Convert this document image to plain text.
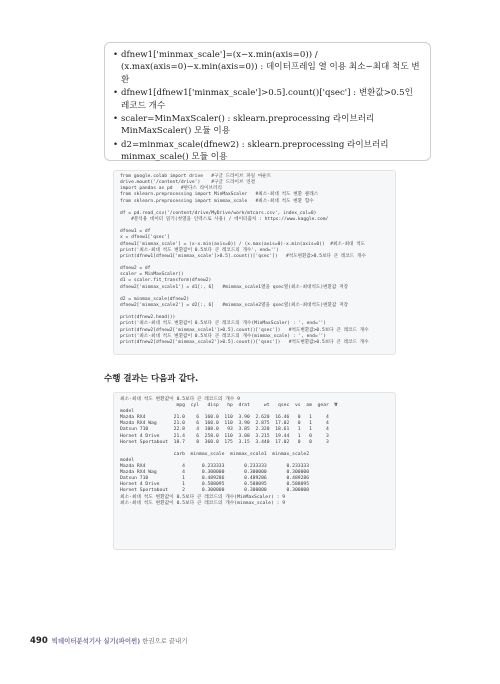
• dfnew1['minmax_scale']=(x−x.min(axis=0)) / (x.max(axis=0)−x.min(axis=0)) : 데이터프레임 열 이용 최소−최대 척도 변환
• dfnew1[dfnew1['minmax_scale']>0.5].count()['qsec'] : 변환값>0.5인 레코드 개수
• scaler=MinMaxScaler() : sklearn.preprocessing 라이브러리 MinMaxScaler() 모듈 이용
• d2=minmax_scale(dfnew2) : sklearn.preprocessing 라이브러리 minmax_scale() 모듈 이용
from google.colab import drive   #구글 드라이브 파일 마운트
drive.mount('/content/drive')    #구글 드라이브 연결
import pandas as pd   #판다스 라이브러리
from sklearn.preprocessing import MinMaxScaler   #최소-최대 척도 변환 클래스
from sklearn.preprocessing import minmax_scale   #최소-최대 척도 변환 함수
df = pd.read_csv('/content/drive/MyDrive/work/mtcars.csv', index_col=0)
#분석용 데이터 읽기(첫열을 인덱스로 사용) / 데이터출처 : https://www.kaggle.com/
dfnew1 = df
x = dfnew1['qsec']
dfnew1['minmax_scale'] = (x-x.min(axis=0)) / (x.max(axis=0)-x.min(axis=0))  #최소-최대 척도
print('최소-최대 척도 변환값이 0.5보다 큰 레코드의 개수', end='')
print(dfnew1[dfnew1['minmax_scale']>0.5].count()['qsec'])   #척도변환값>0.5보다 큰 레코드 개수
dfnew2 = df
scaler = MinMaxScaler()
d1 = scaler.fit_transform(dfnew2)
dfnew2['minmax_scale1'] = d1[:, 6]   #minmax_scale1열을 qsec열(최소-최대척도)변환값 저장
d2 = minmax_scale(dfnew2)
dfnew2['minmax_scale2'] = d2[:, 6]   #minmax_scale2열을 qsec열(최소-최대척도)변환값 저장
print(dfnew2.head())
print('최소-최대 척도 변환값이 0.5보다 큰 레코드의 개수(MinMaxScaler) : ', end='')
print(dfnew2[dfnew2['minmax_scale1']>0.5].count()['qsec'])   #척도변환값>0.5보다 큰 레코드 개수
print('최소-최대 척도 변환값이 0.5보다 큰 레코드의 개수(minmax_scale) : ', end='')
print(dfnew2[dfnew2['minmax_scale2']>0.5].count()['qsec'])   #척도변환값>0.5보다 큰 레코드 개수
수행 결과는 다음과 같다.
최소-최대 척도 변환값이 0.5보다 큰 레코드의 개수 9
mpg  cyl   disp   hp  drat     wt   qsec  vs  am  gear  ₩
model
Mazda RX4          21.0    6  160.0  110  3.90  2.620  16.46   0   1     4
Mazda RX4 Wag      21.0    6  160.0  110  3.90  2.875  17.02   0   1     4
Datsun 710         22.8    4  108.0   93  3.85  2.320  18.61   1   1     4
Hornet 4 Drive     21.4    6  258.0  110  3.08  3.215  19.44   1   0     3
Hornet Sportabout  18.7    8  360.0  175  3.15  3.440  17.02   0   0     3
carb  minmax_scale  minmax_scale1  minmax_scale2
model
Mazda RX4             4      0.233333       0.233333       0.233333
Mazda RX4 Wag         4      0.300000       0.300000       0.300000
Datsun 710            1      0.489286       0.489286       0.489286
Hornet 4 Drive        1      0.588095       0.588095       0.588095
Hornet Sportabout     2      0.300000       0.300000       0.300000
최소-최대 척도 변환값이 0.5보다 큰 레코드의 개수(MinMaxScaler) : 9
최소-최대 척도 변환값이 0.5보다 큰 레코드의 개수(minmax_scale) : 9
490 빅데이터분석기사 실기(파이썬) 한권으로 끝내기
